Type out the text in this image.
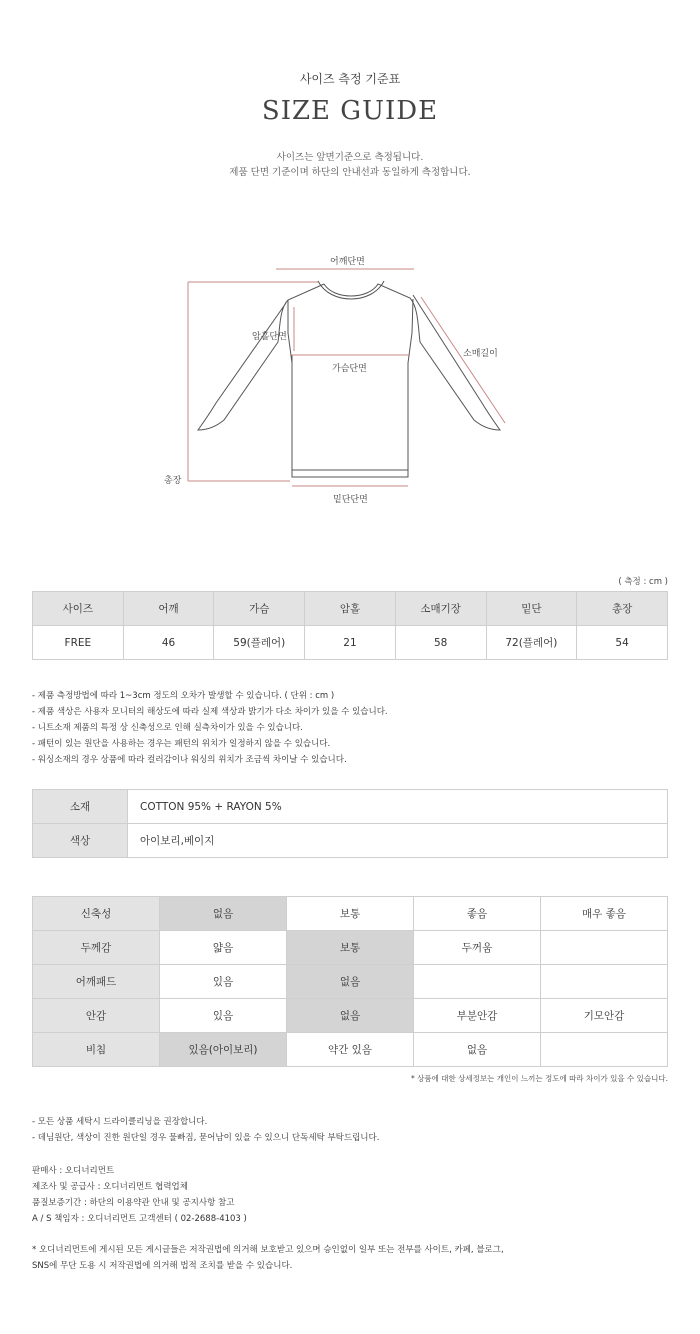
사이즈 측정 기준표
SIZE GUIDE
사이즈는 앞면기준으로 측정됩니다.
제품 단면 기준이며 하단의 안내선과 동일하게 측정합니다.
어깨단면
암홀단면
소매길이
가슴단면
총장
밑단단면
( 측정 : cm )
사이즈	어깨	가슴	암홀	소매기장	밑단	총장
FREE	46	59(플레어)	21	58	72(플레어)	54
- 제품 측정방법에 따라 1~3cm 정도의 오차가 발생할 수 있습니다. ( 단위 : cm )
- 제품 색상은 사용자 모니터의 해상도에 따라 실제 색상과 밝기가 다소 차이가 있을 수 있습니다.
- 니트소재 제품의 특정 상 신축성으로 인해 실측차이가 있을 수 있습니다.
- 패턴이 있는 원단을 사용하는 경우는 패턴의 위치가 일정하지 않을 수 있습니다.
- 워싱소재의 경우 상품에 따라 컬러감이나 워싱의 위치가 조금씩 차이날 수 있습니다.
소재	COTTON 95% + RAYON 5%
색상	아이보리,베이지
신축성	없음	보통	좋음	매우 좋음
두께감	얇음	보통	두꺼움	
어깨패드	있음	없음		
안감	있음	없음	부분안감	기모안감
비침	있음(아이보리)	약간 있음	없음	
* 상품에 대한 상세정보는 개인이 느끼는 정도에 따라 차이가 있을 수 있습니다.
- 모든 상품 세탁시 드라이클리닝을 권장합니다.
- 데님원단, 색상이 진한 원단일 경우 물빠짐, 묻어남이 있을 수 있으니 단독세탁 부탁드립니다.
판매사 : 오디너리먼트
제조사 및 공급사 : 오디너리먼트 협력업체
품질보증기간 : 하단의 이용약관 안내 및 공지사항 참고
A / S 책임자 : 오디너리먼트 고객센터 ( 02-2688-4103 )
* 오디너리먼트에 게시된 모든 게시글들은 저작권법에 의거해 보호받고 있으며 승인없이 일부 또는 전부를 사이트, 카페, 블로그,
SNS에 무단 도용 시 저작권법에 의거해 법적 조치를 받을 수 있습니다.
